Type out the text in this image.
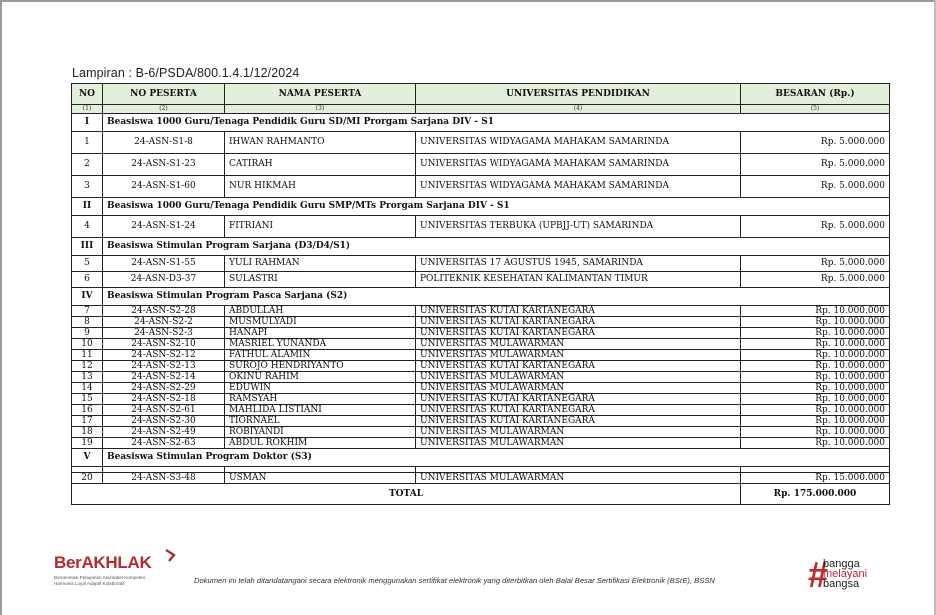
Lampiran : B-6/PSDA/800.1.4.1/12/2024
NO	NO PESERTA	NAMA PESERTA	UNIVERSITAS PENDIDIKAN	BESARAN (Rp.)
(1)	(2)	(3)	(4)	(5)
I	Beasiswa 1000 Guru/Tenaga Pendidik Guru SD/MI Prorgam Sarjana DIV - S1			
1	24-ASN-S1-8	IHWAN RAHMANTO	UNIVERSITAS WIDYAGAMA MAHAKAM SAMARINDA	Rp. 5.000.000
2	24-ASN-S1-23	CATIRAH	UNIVERSITAS WIDYAGAMA MAHAKAM SAMARINDA	Rp. 5.000.000
3	24-ASN-S1-60	NUR HIKMAH	UNIVERSITAS WIDYAGAMA MAHAKAM SAMARINDA	Rp. 5.000.000
II	Beasiswa 1000 Guru/Tenaga Pendidik Guru SMP/MTs Prorgam Sarjana DIV - S1			
4	24-ASN-S1-24	FITRIANI	UNIVERSITAS TERBUKA (UPBJJ-UT) SAMARINDA	Rp. 5.000.000
III	Beasiswa Stimulan Program Sarjana (D3/D4/S1)			
5	24-ASN-S1-55	YULI RAHMAN	UNIVERSITAS 17 AGUSTUS 1945, SAMARINDA	Rp. 5.000.000
6	24-ASN-D3-37	SULASTRI	POLITEKNIK KESEHATAN KALIMANTAN TIMUR	Rp. 5.000.000
IV	Beasiswa Stimulan Program Pasca Sarjana (S2)			
7	24-ASN-S2-28	ABDULLAH	UNIVERSITAS KUTAI KARTANEGARA	Rp. 10.000.000
8	24-ASN-S2-2	MUSMULYADI	UNIVERSITAS KUTAI KARTANEGARA	Rp. 10.000.000
9	24-ASN-S2-3	HANAPI	UNIVERSITAS KUTAI KARTANEGARA	Rp. 10.000.000
10	24-ASN-S2-10	MASRIEL YUNANDA	UNIVERSITAS MULAWARMAN	Rp. 10.000.000
11	24-ASN-S2-12	FATHUL ALAMIN	UNIVERSITAS MULAWARMAN	Rp. 10.000.000
12	24-ASN-S2-13	SUROJO HENDRIYANTO	UNIVERSITAS KUTAI KARTANEGARA	Rp. 10.000.000
13	24-ASN-S2-14	OKINU RAHIM	UNIVERSITAS MULAWARMAN	Rp. 10.000.000
14	24-ASN-S2-29	EDUWIN	UNIVERSITAS MULAWARMAN	Rp. 10.000.000
15	24-ASN-S2-18	RAMSYAH	UNIVERSITAS KUTAI KARTANEGARA	Rp. 10.000.000
16	24-ASN-S2-61	MAHLIDA LISTIANI	UNIVERSITAS KUTAI KARTANEGARA	Rp. 10.000.000
17	24-ASN-S2-30	TIORNAEL	UNIVERSITAS KUTAI KARTANEGARA	Rp. 10.000.000
18	24-ASN-S2-49	ROBIYANDI	UNIVERSITAS MULAWARMAN	Rp. 10.000.000
19	24-ASN-S2-63	ABDUL ROKHIM	UNIVERSITAS MULAWARMAN	Rp. 10.000.000
V	Beasiswa Stimulan Program Doktor (S3)			

20	24-ASN-S3-48	USMAN	UNIVERSITAS MULAWARMAN	Rp. 15.000.000
TOTAL				Rp. 175.000.000
BerAKHLAK
Berorientasi Pelayanan Akuntabel Kompeten
Harmonis Loyal Adaptif Kolaboratif	Dokumen ini telah ditandatangani secara elektronik menggunakan sertifikat elektronik yang diterbitkan oleh Balai Besar Sertifikasi Elektronik (BSrE), BSSN	#
bangga
melayani
bangsa
